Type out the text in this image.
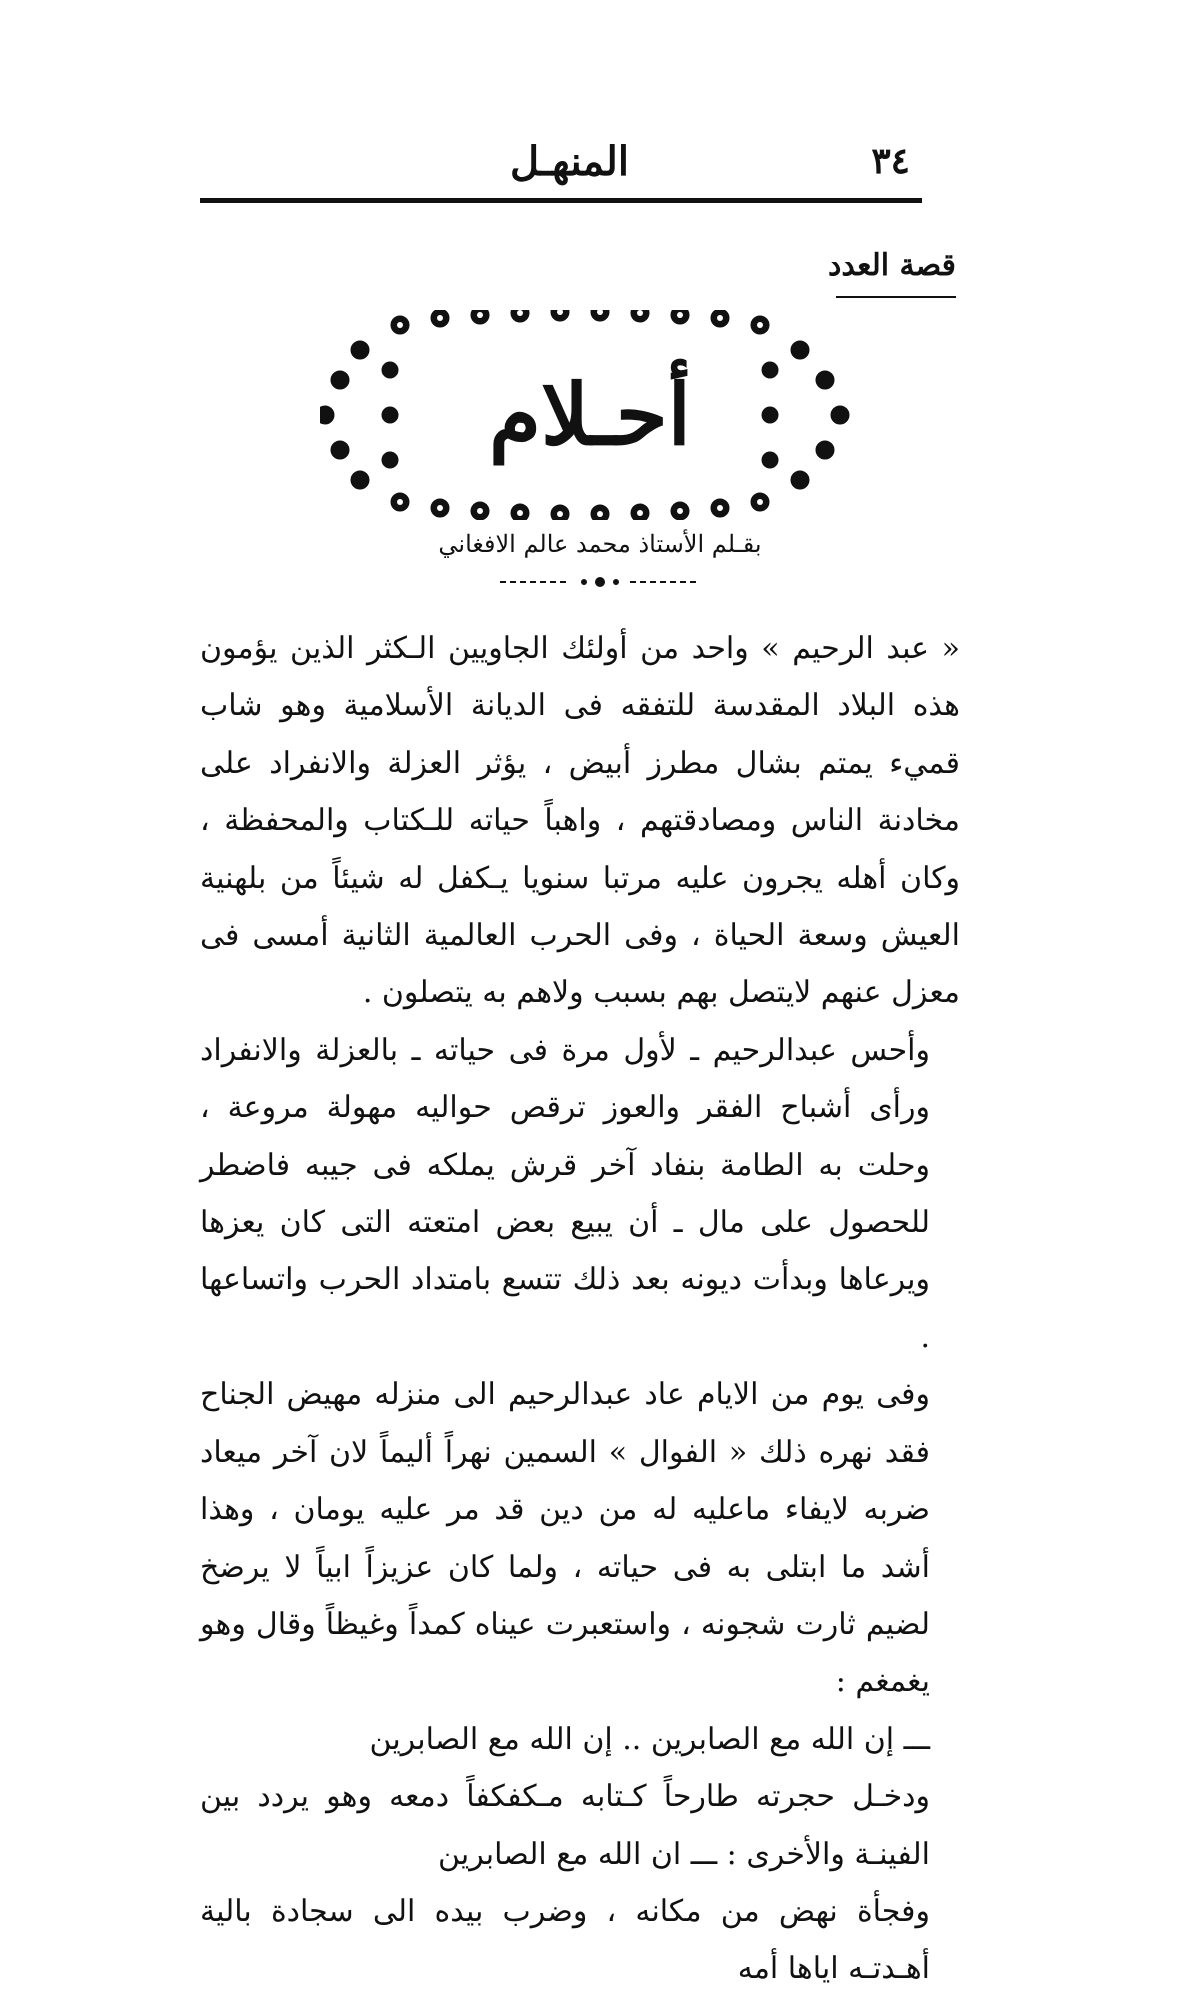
٣٤
المنهـل
قصة العدد
أحـلام
بقـلم الأستاذ محمد عالم الافغاني

« عبد الرحيم » واحد من أولئك الجاويين الـكثر الذين يؤمون هذه البلاد المقدسة للتفقه فى الديانة الأسلامية وهو شاب قميء يمتم بشال مطرز أبيض ، يؤثر العزلة والانفراد على مخادنة الناس ومصادقتهم ، واهباً حياته للـكتاب والمحفظة ، وكان أهله يجرون عليه مرتبا سنويا يـكفل له شيئاً من بلهنية العيش وسعة الحياة ، وفى الحرب العالمية الثانية أمسى فى معزل عنهم لايتصل بهم بسبب ولاهم به يتصلون .

وأحس عبدالرحيم ـ لأول مرة فى حياته ـ بالعزلة والانفراد ورأى أشباح الفقر والعوز ترقص حواليه مهولة مروعة ، وحلت به الطامة بنفاد آخر قرش يملكه فى جيبه فاضطر للحصول على مال ـ أن يبيع بعض امتعته التى كان يعزها ويرعاها وبدأت ديونه بعد ذلك تتسع بامتداد الحرب واتساعها .

وفى يوم من الايام عاد عبدالرحيم الى منزله مهيض الجناح فقد نهره ذلك « الفوال » السمين نهراً أليماً لان آخر ميعاد ضربه لايفاء ماعليه له من دين قد مر عليه يومان ، وهذا أشد ما ابتلى به فى حياته ، ولما كان عزيزاً ابياً لا يرضخ لضيم ثارت شجونه ، واستعبرت عيناه كمداً وغيظاً وقال وهو يغمغم :

ـــ إن الله مع الصابرين .. إن الله مع الصابرين

ودخـل حجرته طارحاً كـتابه مـكفكفاً دمعه وهو يردد بين الفينـة والأخرى : ـــ ان الله مع الصابرين

وفجأة نهض من مكانه ، وضرب بيده الى سجادة بالية أهـدتـه اياها أمه
